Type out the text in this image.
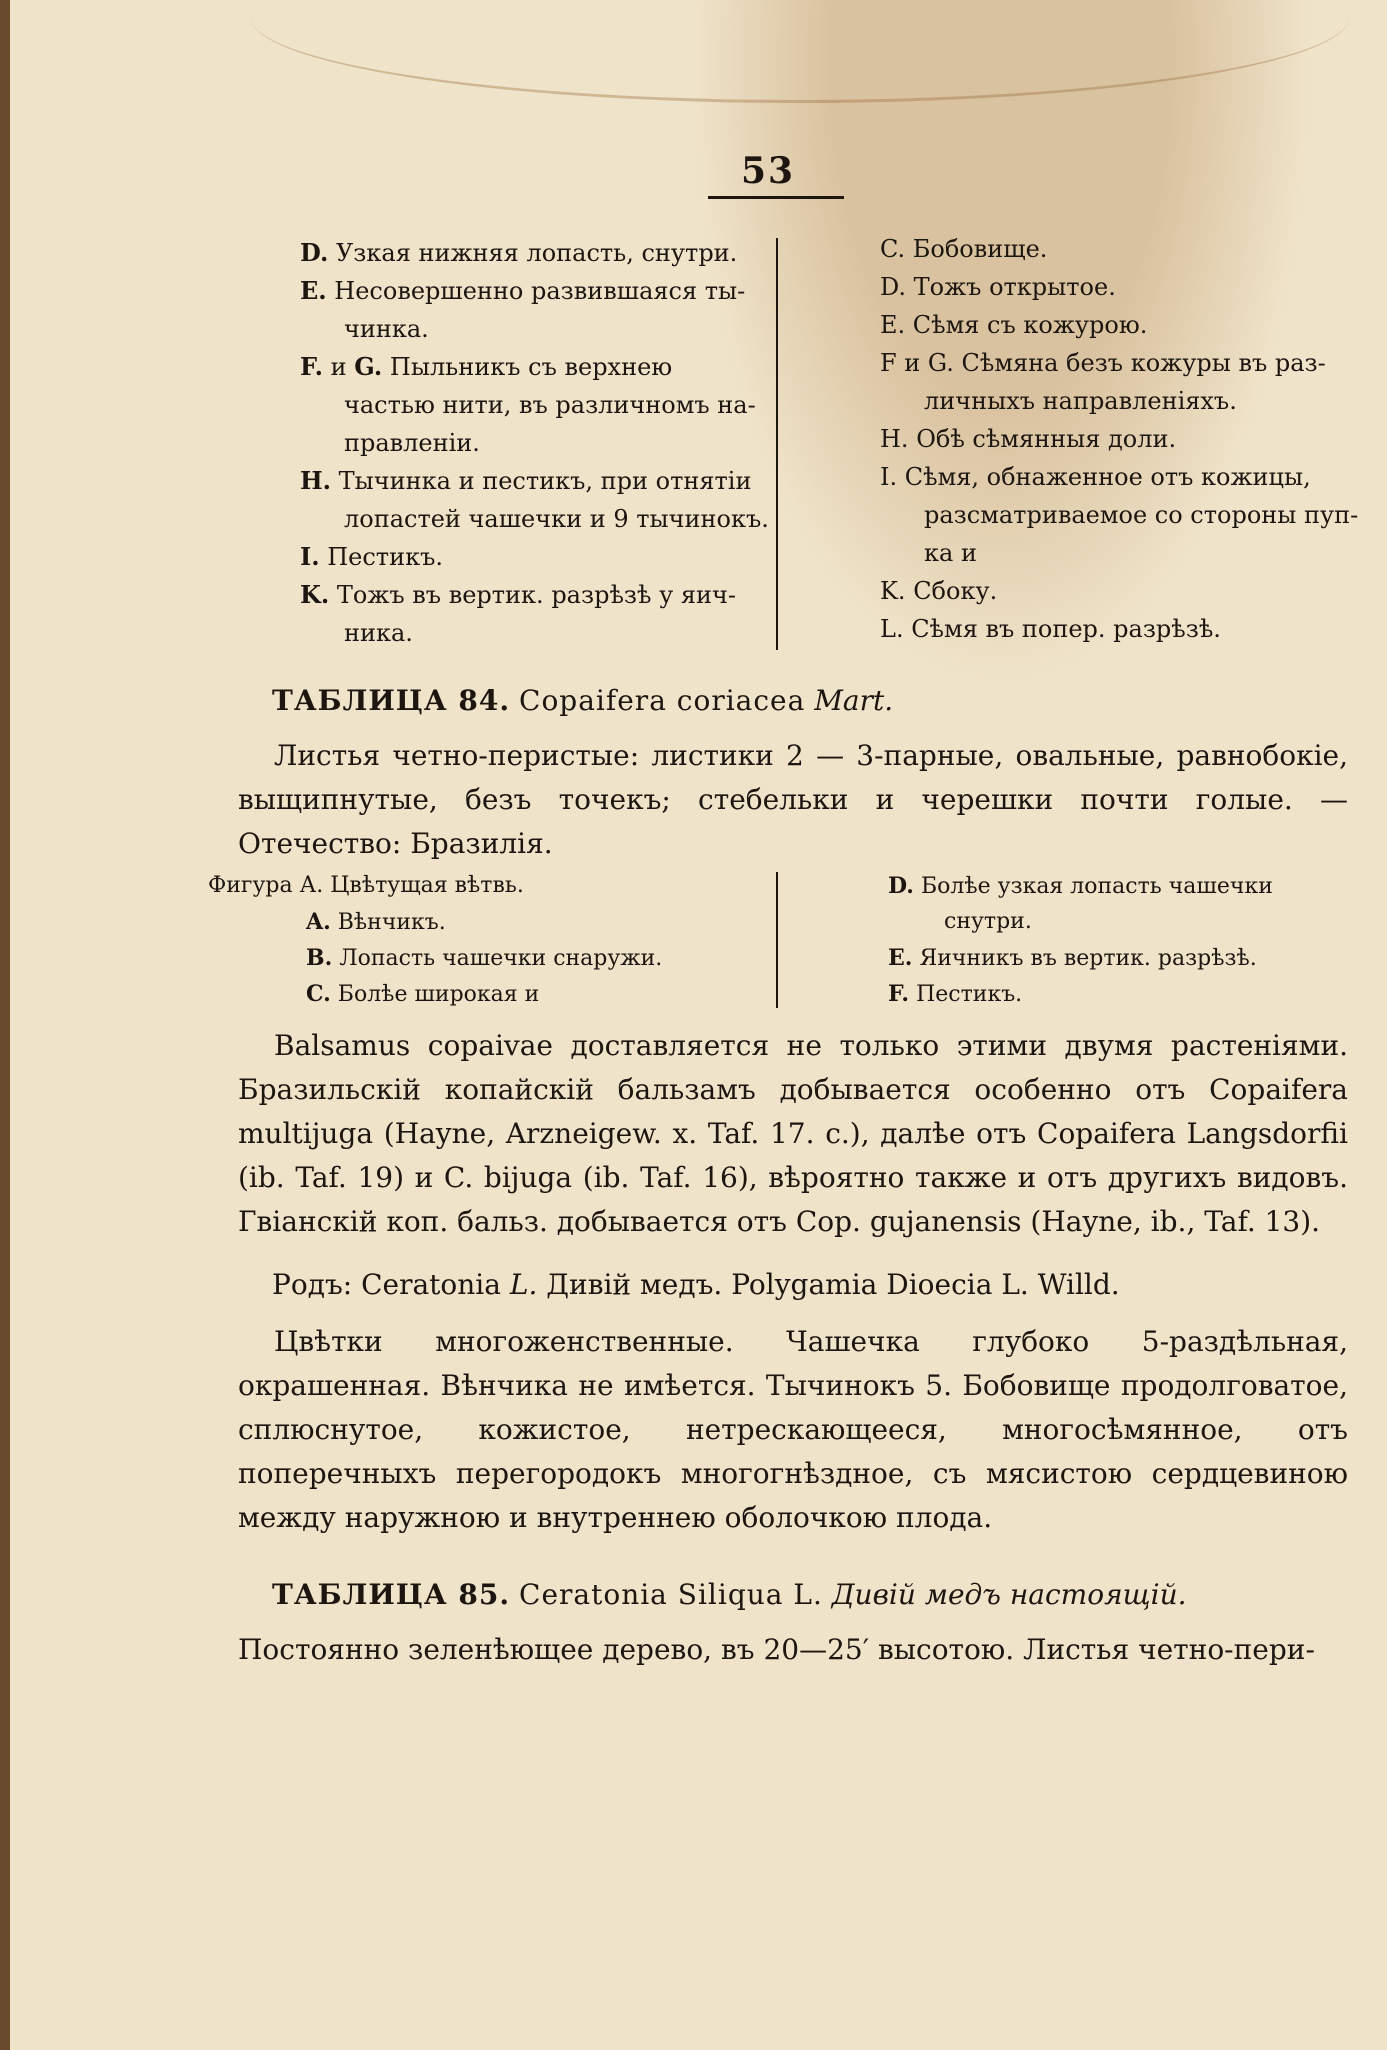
53

D. Узкая нижняя лопасть, снутри.

E. Несовершенно развившаяся ты-

чинка.

F. и G. Пыльникъ съ верхнею

частью нити, въ различномъ на-

правленіи.

H. Тычинка и пестикъ, при отнятіи

лопастей чашечки и 9 тычинокъ.

I. Пестикъ.

K. Тожъ въ вертик. разрѣзѣ у яич-

ника.

C. Бобовище.

D. Тожъ открытое.

E. Сѣмя съ кожурою.

F и G. Сѣмяна безъ кожуры въ раз-

личныхъ направленіяхъ.

H. Обѣ сѣмянныя доли.

I. Сѣмя, обнаженное отъ кожицы,

разсматриваемое со стороны пуп-

ка и

K. Сбоку.

L. Сѣмя въ попер. разрѣзѣ.

ТАБЛИЦА 84. Copaifera coriacea Mart.

Листья четно-перистые: листики 2 — 3-парные, овальные, равнобокіе, выщипнутые, безъ точекъ; стебельки и черешки почти голые. — Отечество: Бразилія.

Фигура А. Цвѣтущая вѣтвь.

A. Вѣнчикъ.

B. Лопасть чашечки снаружи.

C. Болѣе широкая и

D. Болѣе узкая лопасть чашечки

снутри.

E. Яичникъ въ вертик. разрѣзѣ.

F. Пестикъ.

Balsamus copaivae доставляется не только этими двумя растеніями. Бразильскій копайскій бальзамъ добывается особенно отъ Copaifera multijuga (Hayne, Arzneigew. x. Taf. 17. c.), далѣе отъ Copaifera Langsdorfii (ib. Taf. 19) и C. bijuga (ib. Taf. 16), вѣроятно также и отъ другихъ видовъ. Гвіанскій коп. бальз. добывается отъ Cop. gujanensis (Hayne, ib., Taf. 13).

Родъ: Ceratonia L. Дивій медъ. Polygamia Dioecia L. Willd.

Цвѣтки многоженственные. Чашечка глубоко 5-раздѣльная, окрашенная. Вѣнчика не имѣется. Тычинокъ 5. Бобовище продолговатое, сплюснутое, кожистое, нетрескающееся, многосѣмянное, отъ поперечныхъ перегородокъ многогнѣздное, съ мясистою сердцевиною между наружною и внутреннею оболочкою плода.

ТАБЛИЦА 85. Ceratonia Siliqua L. Дивій медъ настоящій.

Постоянно зеленѣющее дерево, въ 20—25′ высотою. Листья четно-пери-
